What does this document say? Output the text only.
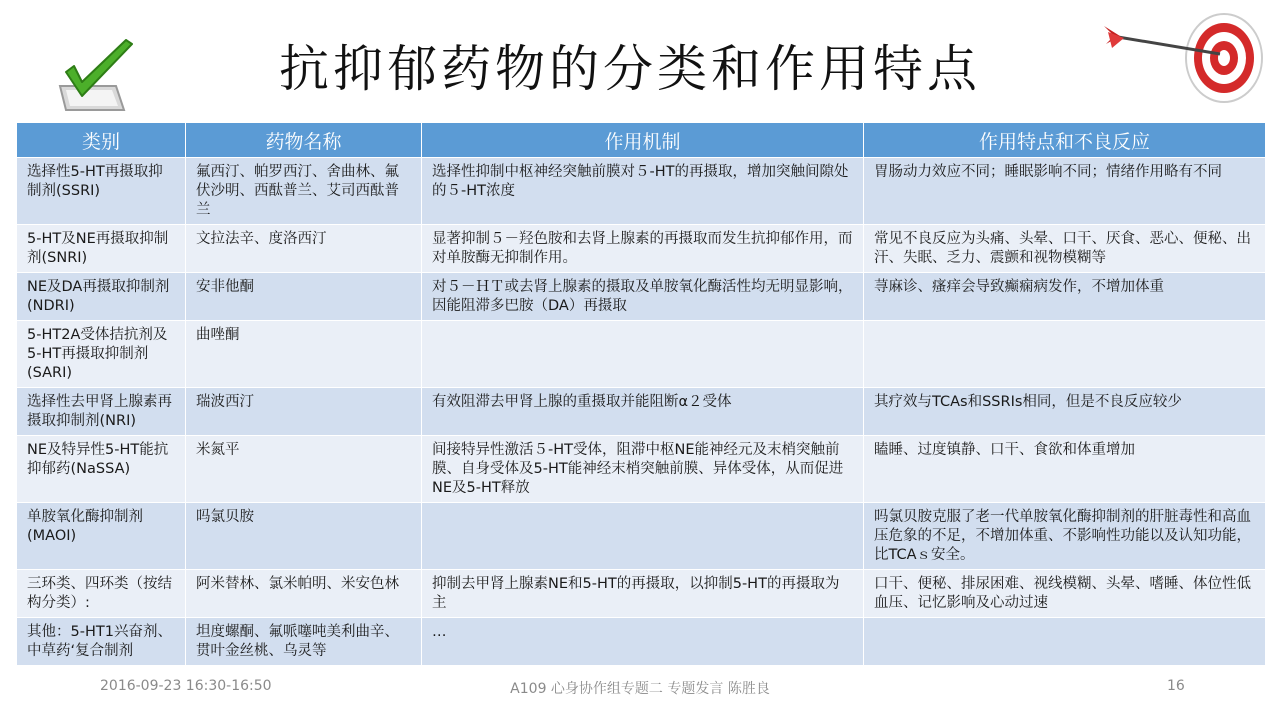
抗抑郁药物的分类和作用特点
类别	药物名称	作用机制	作用特点和不良反应
选择性5-HT再摄取抑制剂(SSRI)	氟西汀、帕罗西汀、舍曲林、氟伏沙明、西酞普兰、艾司西酞普兰	选择性抑制中枢神经突触前膜对５-HT的再摄取，增加突触间隙处的５-HT浓度	胃肠动力效应不同；睡眠影响不同；情绪作用略有不同
5-HT及NE再摄取抑制剂(SNRI)	文拉法辛、度洛西汀	显著抑制５－羟色胺和去肾上腺素的再摄取而发生抗抑郁作用，而对单胺酶无抑制作用。	常见不良反应为头痛、头晕、口干、厌食、恶心、便秘、出汗、失眠、乏力、震颤和视物模糊等
NE及DA再摄取抑制剂(NDRI)	安非他酮	对５－ＨＴ或去肾上腺素的摄取及单胺氧化酶活性均无明显影响，因能阻滞多巴胺（DA）再摄取	荨麻诊、瘙痒会导致癫痫病发作，不增加体重
5-HT2A受体拮抗剂及5-HT再摄取抑制剂(SARI)	曲唑酮		
选择性去甲肾上腺素再摄取抑制剂(NRI)	瑞波西汀	有效阻滞去甲肾上腺的重摄取并能阻断α２受体	其疗效与TCAs和SSRIs相同，但是不良反应较少
NE及特异性5-HT能抗抑郁药(NaSSA)	米氮平	间接特异性激活５-HT受体，阻滞中枢NE能神经元及末梢突触前膜、自身受体及5-HT能神经末梢突触前膜、异体受体，从而促进NE及5-HT释放	瞌睡、过度镇静、口干、食欲和体重增加
单胺氧化酶抑制剂(MAOI)	吗氯贝胺		吗氯贝胺克服了老一代单胺氧化酶抑制剂的肝脏毒性和高血压危象的不足，不增加体重、不影响性功能以及认知功能，比TCAｓ安全。
三环类、四环类（按结构分类）:	阿米替林、氯米帕明、米安色林	抑制去甲肾上腺素NE和5-HT的再摄取，以抑制5-HT的再摄取为主	口干、便秘、排尿困难、视线模糊、头晕、嗜睡、体位性低血压、记忆影响及心动过速
其他：5-HT1兴奋剂、中草药‘复合制剂	坦度螺酮、氟哌噻吨美利曲辛、贯叶金丝桃、乌灵等	…	
2016-09-23 16:30-16:50	A109 心身协作组专题二 专题发言 陈胜良	16
